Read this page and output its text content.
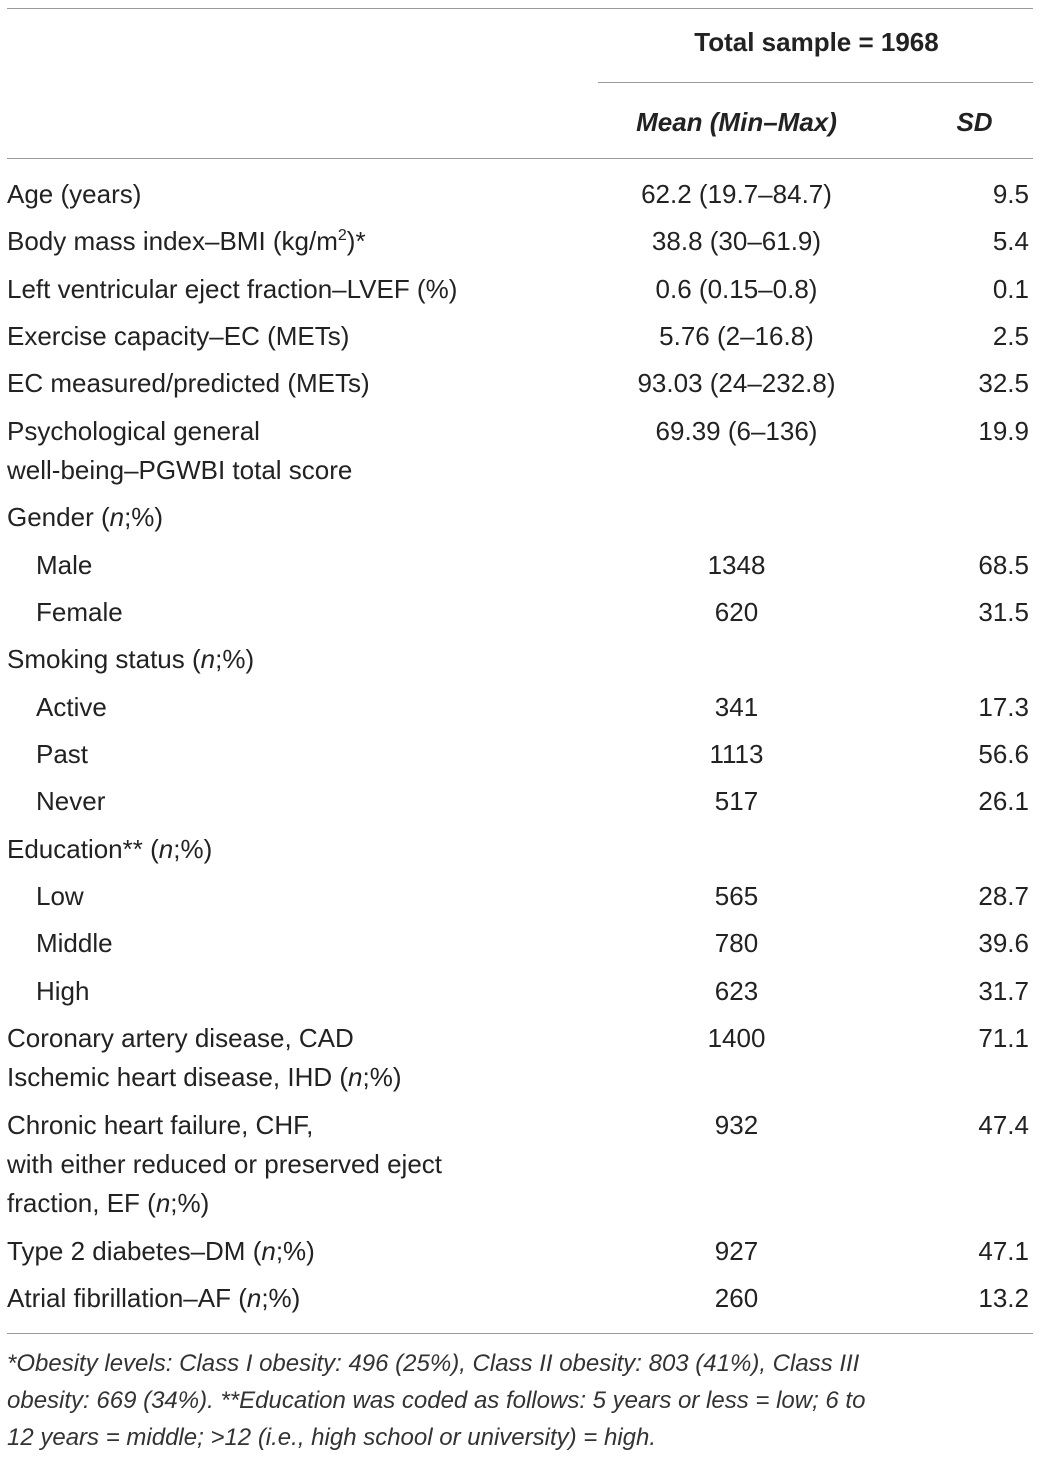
Total sample = 1968
Mean (Min–Max)	SD
Age (years)	62.2 (19.7–84.7)	9.5
Body mass index–BMI $(kg/m^2)*$	38.8 (30–61.9)	5.4
Left ventricular eject fraction–LVEF (%)	0.6 (0.15–0.8)	0.1
Exercise capacity–EC (METs)	5.76 (2–16.8)	2.5
EC measured/predicted (METs)	93.03 (24–232.8)	32.5
Psychological general
well-being–PGWBI total score
69.39 (6–136)	19.9
Gender (n;%)
Male	1348	68.5
Female	620	31.5
Smoking status (n;%)
Active	341	17.3
Past	1113	56.6
Never	517	26.1
Education** (n;%)
Low	565	28.7
Middle	780	39.6
High	623	31.7
Coronary artery disease, CAD
Ischemic heart disease, IHD (n;%)
1400	71.1
Chronic heart failure, CHF,
with either reduced or preserved eject
fraction, EF (n;%)
932	47.4
Type 2 diabetes–DM (n;%)	927	47.1
Atrial fibrillation–AF (n;%)	260	13.2
*Obesity levels: Class I obesity: 496 (25%), Class II obesity: 803 (41%), Class III
obesity: 669 (34%). **Education was coded as follows: 5 years or less = low; 6 to
12 years = middle; >12 (i.e., high school or university) = high.
